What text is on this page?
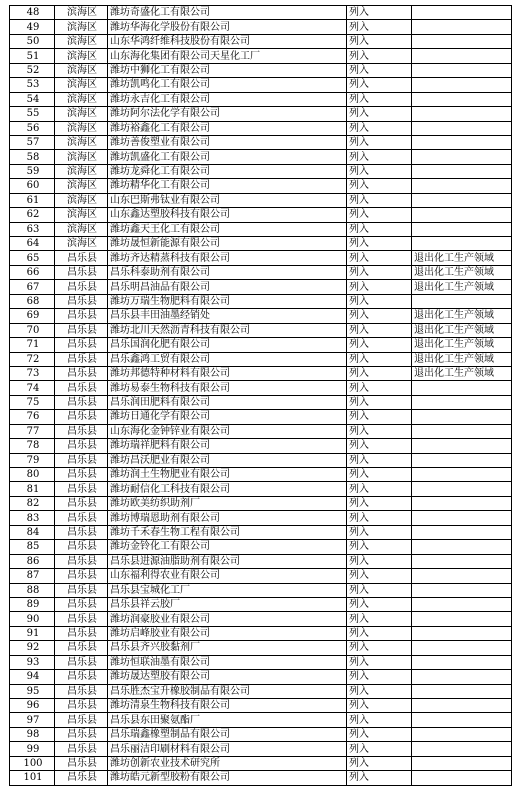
48	滨海区	潍坊奇盛化工有限公司	列入	
49	滨海区	潍坊华海化学股份有限公司	列入	
50	滨海区	山东华鸿纤维科技股份有限公司	列入	
51	滨海区	山东海化集团有限公司天星化工厂	列入	
52	滨海区	潍坊中狮化工有限公司	列入	
53	滨海区	潍坊凯鸣化工有限公司	列入	
54	滨海区	潍坊永吉化工有限公司	列入	
55	滨海区	潍坊阿尔法化学有限公司	列入	
56	滨海区	潍坊裕鑫化工有限公司	列入	
57	滨海区	潍坊善俊塑业有限公司	列入	
58	滨海区	潍坊凯盛化工有限公司	列入	
59	滨海区	潍坊龙舜化工有限公司	列入	
60	滨海区	潍坊精华化工有限公司	列入	
61	滨海区	山东巴斯弗钛业有限公司	列入	
62	滨海区	山东鑫达塑胶科技有限公司	列入	
63	滨海区	潍坊鑫天王化工有限公司	列入	
64	滨海区	潍坊晟恒新能源有限公司	列入	
65	昌乐县	潍坊齐达精蒸科技有限公司	列入	退出化工生产领域
66	昌乐县	昌乐科泰助剂有限公司	列入	退出化工生产领域
67	昌乐县	昌乐明昌油品有限公司	列入	退出化工生产领域
68	昌乐县	潍坊万瑞生物肥料有限公司	列入	
69	昌乐县	昌乐县丰田油墨经销处	列入	退出化工生产领域
70	昌乐县	潍坊北川天然沥青科技有限公司	列入	退出化工生产领域
71	昌乐县	昌乐国润化肥有限公司	列入	退出化工生产领域
72	昌乐县	昌乐鑫鸿工贸有限公司	列入	退出化工生产领域
73	昌乐县	潍坊邦德特种材料有限公司	列入	退出化工生产领域
74	昌乐县	潍坊易泰生物科技有限公司	列入	
75	昌乐县	昌乐润田肥料有限公司	列入	
76	昌乐县	潍坊日通化学有限公司	列入	
77	昌乐县	山东海化金钟锌业有限公司	列入	
78	昌乐县	潍坊瑞祥肥料有限公司	列入	
79	昌乐县	潍坊昌沃肥业有限公司	列入	
80	昌乐县	潍坊润土生物肥业有限公司	列入	
81	昌乐县	潍坊耐信化工科技有限公司	列入	
82	昌乐县	潍坊欧美纺织助剂厂	列入	
83	昌乐县	潍坊博瑞恩助剂有限公司	列入	
84	昌乐县	潍坊千禾春生物工程有限公司	列入	
85	昌乐县	潍坊金铃化工有限公司	列入	
86	昌乐县	昌乐县进源油脂助剂有限公司	列入	
87	昌乐县	山东福利得农业有限公司	列入	
88	昌乐县	昌乐县宝城化工厂	列入	
89	昌乐县	昌乐县祥云胶厂	列入	
90	昌乐县	潍坊润豪胶业有限公司	列入	
91	昌乐县	潍坊启峰胶业有限公司	列入	
92	昌乐县	昌乐县齐兴胶黏剂厂	列入	
93	昌乐县	潍坊恒联油墨有限公司	列入	
94	昌乐县	潍坊晟达塑胶有限公司	列入	
95	昌乐县	昌乐胜杰宝升橡胶制品有限公司	列入	
96	昌乐县	潍坊清泉生物科技有限公司	列入	
97	昌乐县	昌乐县东田聚氨酯厂	列入	
98	昌乐县	昌乐瑞鑫橡塑制品有限公司	列入	
99	昌乐县	昌乐丽洁印刷材料有限公司	列入	
100	昌乐县	潍坊创新农业技术研究所	列入	
101	昌乐县	潍坊皓元新型胶粉有限公司	列入	
